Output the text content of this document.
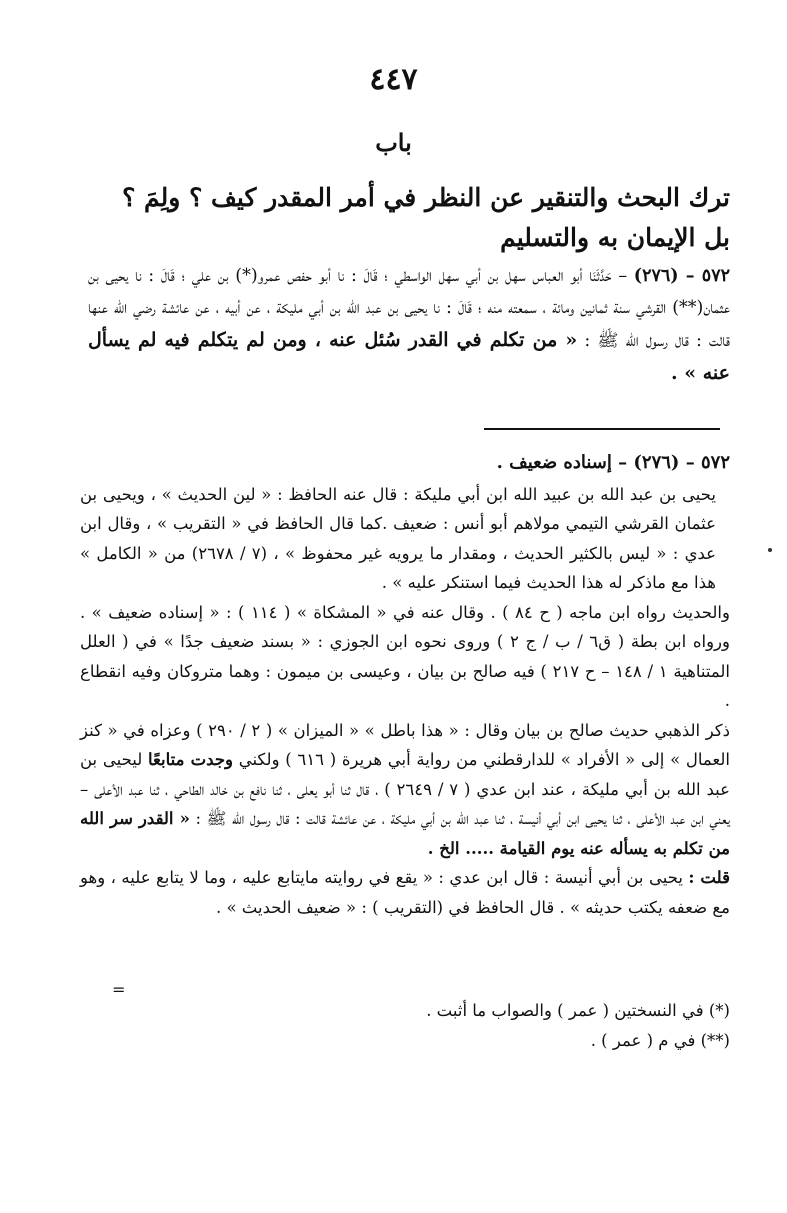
٤٤٧
باب
ترك البحث والتنقير عن النظر في أمر المقدر كيف ؟ ولِمَ ؟ بل الإيمان به والتسليم
٥٧٢ – (٢٧٦) – حَدَّثَنَا أبو العباس سهل بن أبي سهل الواسطي ؛ قَالَ : نا أبو حفص عمرو(*) بن علي ؛ قَالَ : نا يحيى بن عثمان(**) القرشي سنة ثمانين ومائة ، سمعته منه ؛ قَالَ : نا يحيى بن عبد الله بن أبي مليكة ، عن أبيه ، عن عائشة رضي الله عنها قالت : قال رسول الله ﷺ : « من تكلم في القدر سُئل عنه ، ومن لم يتكلم فيه لم يسأل عنه » .

٥٧٢ – (٢٧٦) – إسناده ضعيف .

يحيى بن عبد الله بن عبيد الله ابن أبي مليكة : قال عنه الحافظ : « لين الحديث » ، ويحيى بن عثمان القرشي التيمي مولاهم أبو أنس : ضعيف .كما قال الحافظ في « التقريب » ، وقال ابن عدي : « ليس بالكثير الحديث ، ومقدار ما يرويه غير محفوظ » ، (٧ / ٢٦٧٨) من « الكامل » هذا مع ماذكر له هذا الحديث فيما استنكر عليه » .

والحديث رواه ابن ماجه ( ح ٨٤ ) . وقال عنه في « المشكاة » ( ١١٤ ) : « إسناده ضعيف » . ورواه ابن بطة ( ق٦ / ب / ج ٢ ) وروى نحوه ابن الجوزي : « بسند ضعيف جدًا » في ( العلل المتناهية ١ / ١٤٨ – ح ٢١٧ ) فيه صالح بن بيان ، وعيسى بن ميمون : وهما متروكان وفيه انقطاع .

ذكر الذهبي حديث صالح بن بيان وقال : « هذا باطل » « الميزان » ( ٢ / ٢٩٠ ) وعزاه في « كنز العمال » إلى « الأفراد » للدارقطني من رواية أبي هريرة ( ٦١٦ ) ولكني وجدت متابعًا ليحيى بن عبد الله بن أبي مليكة ، عند ابن عدي ( ٧ / ٢٦٤٩ ) ، قال ثنا أبو يعلى ، ثنا نافع بن خالد الطاحي ، ثنا عبد الأعلى – يعني ابن عبد الأعلى ، ثنا يحيى ابن أبي أنيسة ، ثنا عبد الله بن أبي مليكة ، عن عائشة قالت : قال رسول الله ﷺ : « القدر سر الله من تكلم به يسأله عنه يوم القيامة ..... الخ .

قلت : يحيى بن أبي أنيسة : قال ابن عدي : « يقع في روايته مايتابع عليه ، وما لا يتابع عليه ، وهو مع ضعفه يكتب حديثه » . قال الحافظ في (التقريب ) : « ضعيف الحديث » .

=

(*) في النسختين ( عمر ) والصواب ما أثبت .

(**) في م ( عمر ) .
